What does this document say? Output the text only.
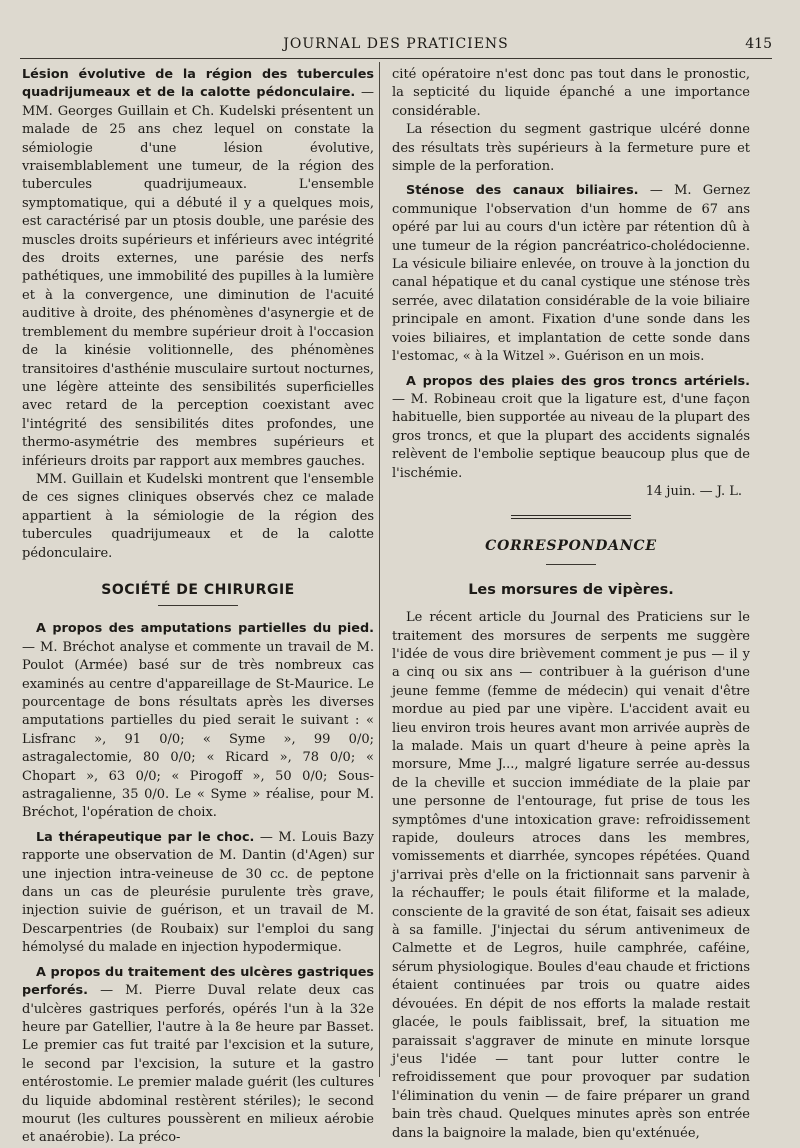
JOURNAL DES PRATICIENS	415

Lésion évolutive de la région des tubercules quadrijumeaux et de la calotte pédonculaire. — MM. Georges Guillain et Ch. Kudelski présentent un malade de 25 ans chez lequel on constate la sémiologie d'une lésion évolutive, vraisemblablement une tumeur, de la région des tubercules quadrijumeaux. L'ensemble symptomatique, qui a débuté il y a quelques mois, est caractérisé par un ptosis double, une parésie des muscles droits supérieurs et inférieurs avec intégrité des droits externes, une parésie des nerfs pathétiques, une immobilité des pupilles à la lumière et à la convergence, une diminution de l'acuité auditive à droite, des phénomènes d'asynergie et de tremblement du membre supérieur droit à l'occasion de la kinésie volitionnelle, des phénomènes transitoires d'asthénie musculaire surtout nocturnes, une légère atteinte des sensibilités superficielles avec retard de la perception coexistant avec l'intégrité des sensibilités dites profondes, une thermo-asymétrie des membres supérieurs et inférieurs droits par rapport aux membres gauches.

MM. Guillain et Kudelski montrent que l'ensemble de ces signes cliniques observés chez ce malade appartient à la sémiologie de la région des tubercules quadrijumeaux et de la calotte pédonculaire.

SOCIÉTÉ DE CHIRURGIE

A propos des amputations partielles du pied. — M. Bréchot analyse et commente un travail de M. Poulot (Armée) basé sur de très nombreux cas examinés au centre d'appareillage de St-Maurice. Le pourcentage de bons résultats après les diverses amputations partielles du pied serait le suivant : « Lisfranc », 91 0/0; « Syme », 99 0/0; astragalectomie, 80 0/0; « Ricard », 78 0/0; « Chopart », 63 0/0; « Pirogoff », 50 0/0; Sous-astragalienne, 35 0/0. Le « Syme » réalise, pour M. Bréchot, l'opération de choix.

La thérapeutique par le choc. — M. Louis Bazy rapporte une observation de M. Dantin (d'Agen) sur une injection intra-veineuse de 30 cc. de peptone dans un cas de pleurésie purulente très grave, injection suivie de guérison, et un travail de M. Descarpentries (de Roubaix) sur l'emploi du sang hémolysé du malade en injection hypodermique.

A propos du traitement des ulcères gastriques perforés. — M. Pierre Duval relate deux cas d'ulcères gastriques perforés, opérés l'un à la 32e heure par Gatellier, l'autre à la 8e heure par Basset. Le premier cas fut traité par l'excision et la suture, le second par l'excision, la suture et la gastro entérostomie. Le premier malade guérit (les cultures du liquide abdominal restèrent stériles); le second mourut (les cultures poussèrent en milieux aérobie et anaérobie). La préco-

cité opératoire n'est donc pas tout dans le pronostic, la septicité du liquide épanché a une importance considérable.

La résection du segment gastrique ulcéré donne des résultats très supérieurs à la fermeture pure et simple de la perforation.

Sténose des canaux biliaires. — M. Gernez communique l'observation d'un homme de 67 ans opéré par lui au cours d'un ictère par rétention dû à une tumeur de la région pancréatrico-cholédocienne. La vésicule biliaire enlevée, on trouve à la jonction du canal hépatique et du canal cystique une sténose très serrée, avec dilatation considérable de la voie biliaire principale en amont. Fixation d'une sonde dans les voies biliaires, et implantation de cette sonde dans l'estomac, « à la Witzel ». Guérison en un mois.

A propos des plaies des gros troncs artériels. — M. Robineau croit que la ligature est, d'une façon habituelle, bien supportée au niveau de la plupart des gros troncs, et que la plupart des accidents signalés relèvent de l'embolie septique beaucoup plus que de l'ischémie.

14 juin. — J. L.
CORRESPONDANCE
Les morsures de vipères.

Le récent article du Journal des Praticiens sur le traitement des morsures de serpents me suggère l'idée de vous dire brièvement comment je pus — il y a cinq ou six ans — contribuer à la guérison d'une jeune femme (femme de médecin) qui venait d'être mordue au pied par une vipère. L'accident avait eu lieu environ trois heures avant mon arrivée auprès de la malade. Mais un quart d'heure à peine après la morsure, Mme J..., malgré ligature serrée au-dessus de la cheville et succion immédiate de la plaie par une personne de l'entourage, fut prise de tous les symptômes d'une intoxication grave: refroidissement rapide, douleurs atroces dans les membres, vomissements et diarrhée, syncopes répétées. Quand j'arrivai près d'elle on la frictionnait sans parvenir à la réchauffer; le pouls était filiforme et la malade, consciente de la gravité de son état, faisait ses adieux à sa famille. J'injectai du sérum antivenimeux de Calmette et de Legros, huile camphrée, caféine, sérum physiologique. Boules d'eau chaude et frictions étaient continuées par trois ou quatre aides dévouées. En dépit de nos efforts la malade restait glacée, le pouls faiblissait, bref, la situation me paraissait s'aggraver de minute en minute lorsque j'eus l'idée — tant pour lutter contre le refroidissement que pour provoquer par sudation l'élimination du venin — de faire préparer un grand bain très chaud. Quelques minutes après son entrée dans la baignoire la malade, bien qu'exténuée,
